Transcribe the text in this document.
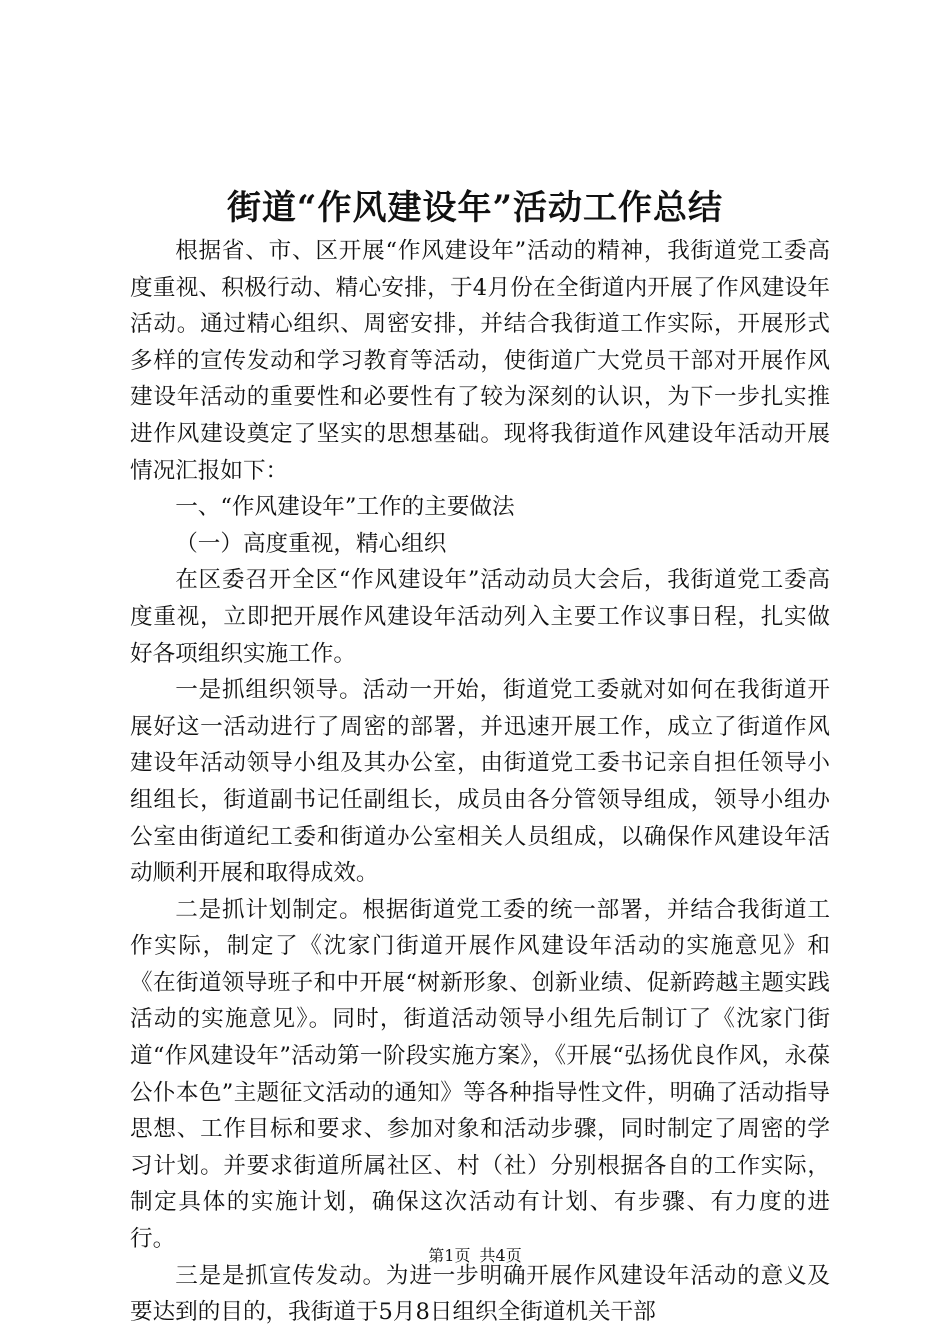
街道“作风建设年”活动工作总结

根据省、市、区开展“作风建设年”活动的精神，我街道党工委高度重视、积极行动、精心安排，于4月份在全街道内开展了作风建设年活动。通过精心组织、周密安排，并结合我街道工作实际，开展形式多样的宣传发动和学习教育等活动，使街道广大党员干部对开展作风建设年活动的重要性和必要性有了较为深刻的认识，为下一步扎实推进作风建设奠定了坚实的思想基础。现将我街道作风建设年活动开展情况汇报如下：

一、“作风建设年”工作的主要做法

（一）高度重视，精心组织

在区委召开全区“作风建设年”活动动员大会后，我街道党工委高度重视，立即把开展作风建设年活动列入主要工作议事日程，扎实做好各项组织实施工作。

一是抓组织领导。活动一开始，街道党工委就对如何在我街道开展好这一活动进行了周密的部署，并迅速开展工作，成立了街道作风建设年活动领导小组及其办公室，由街道党工委书记亲自担任领导小组组长，街道副书记任副组长，成员由各分管领导组成，领导小组办公室由街道纪工委和街道办公室相关人员组成，以确保作风建设年活动顺利开展和取得成效。

二是抓计划制定。根据街道党工委的统一部署，并结合我街道工作实际，制定了《沈家门街道开展作风建设年活动的实施意见》和《在街道领导班子和中开展“树新形象、创新业绩、促新跨越主题实践活动的实施意见》。同时，街道活动领导小组先后制订了《沈家门街道“作风建设年”活动第一阶段实施方案》，《开展“弘扬优良作风，永葆公仆本色”主题征文活动的通知》等各种指导性文件，明确了活动指导思想、工作目标和要求、参加对象和活动步骤，同时制定了周密的学习计划。并要求街道所属社区、村（社）分别根据各自的工作实际，制定具体的实施计划，确保这次活动有计划、有步骤、有力度的进行。

三是是抓宣传发动。为进一步明确开展作风建设年活动的意义及要达到的目的，我街道于5月8日组织全街道机关干部

第1页 共4页
